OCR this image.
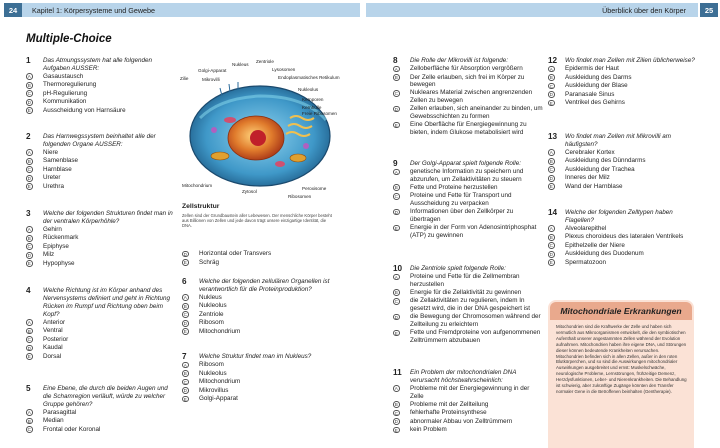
24	Kapitel 1: Körpersysteme und Gewebe	Überblick über den Körper	25
Multiple-Choice
1	Das Atmungssystem hat alle folgenden Aufgaben AUSSER:
A	Gasaustausch
B	Thermoregulierung
C	pH-Regulierung
D	Kommunikation
E	Ausscheidung von Harnsäure
2	Das Harnwegssystem beinhaltet alle der folgenden Organe AUSSER:
A	Niere
B	Samenblase
C	Harnblase
D	Ureter
E	Urethra
3	Welche der folgenden Strukturen findet man in der ventralen Körperhöhle?
A	Gehirn
B	Rückenmark
C	Epiphyse
D	Milz
E	Hypophyse
4	Welche Richtung ist im Körper anhand des Nervensystems definiert und geht in Richtung Rücken im Rumpf und Richtung oben beim Kopf?
A	Anterior
B	Ventral
C	Posterior
D	Kaudal
E	Dorsal
5	Eine Ebene, die durch die beiden Augen und die Schamregion verläuft, würde zu welcher Gruppe gehören?
A	Parasagittal
B	Median
C	Frontal oder Koronal
D	Horizontal oder Transvers
E	Schräg
6	Welche der folgenden zellulären Organellen ist verantwortlich für die Proteinproduktion?
A	Nukleus
B	Nukleolus
C	Zentriole
D	Ribosom
E	Mitochondrium
7	Welche Struktur findet man im Nukleus?
A	Ribosom
B	Nukleolus
C	Mitochondrium
D	Mikrovillus
E	Golgi-Apparat
8	Die Rolle der Mikrovilli ist folgende:
A	Zelloberfläche für Absorption vergrößern
B	Der Zelle erlauben, sich frei im Körper zu bewegen
C	Nukleares Material zwischen angrenzenden Zellen zu bewegen
D	Zellen erlauben, sich aneinander zu binden, um Gewebsschichten zu formen
E	Eine Oberfläche für Energiegewinnung zu bieten, indem Glukose metabolisiert wird
9	Der Golgi-Apparat spielt folgende Rolle:
A	genetische Information zu speichern und abzurufen, um Zellaktivitäten zu steuern
B	Fette und Proteine herzustellen
C	Proteine und Fette für Transport und Ausscheidung zu verpacken
D	Informationen über den Zellkörper zu übertragen
E	Energie in der Form von Adenosintriphosphat (ATP) zu gewinnen
10	Die Zentriole spielt folgende Rolle:
A	Proteine und Fette für die Zellmembran herzustellen
B	Energie für die Zellaktivität zu gewinnen
C	die Zellaktivitäten zu regulieren, indem In gesetzt wird, die in der DNA gespeichert ist
D	die Bewegung der Chromosomen während der Zellteilung zu erleichtern
E	Fette und Fremdproteine von aufgenommenen Zelltrümmern abzubauen
11	Ein Problem der mitochondrialen DNA verursacht höchstwahrscheinlich:
A	Probleme mit der Energiegewinnung in der Zelle
B	Probleme mit der Zellteilung
C	fehlerhafte Proteinsynthese
D	abnormaler Abbau von Zelltrümmern
E	kein Problem
12	Wo findet man Zellen mit Zilien üblicherweise?
A	Epidermis der Haut
B	Auskleidung des Darms
C	Auskleidung der Blase
D	Paranasale Sinus
E	Ventrikel des Gehirns
13	Wo findet man Zellen mit Mikrovilli am häufigsten?
A	Cerebraler Kortex
B	Auskleidung des Dünndarms
C	Auskleidung der Trachea
D	Inneres der Milz
E	Wand der Harnblase
14	Welche der folgenden Zelltypen haben Flagellen?
A	Alveolarepithel
B	Plexus choroideus des lateralen Ventrikels
C	Epithelzelle der Niere
D	Auskleidung des Duodenum
E	Spermatozoon
Zilie
Golgi-Apparat
Nukleus
Zentriole
Mikrovilli
Lysosomen
Endoplasmatisches Retikulum
Nukleolus
Kernporen
Kernhülle
Freie Ribosomen
Mitochondrium
Zytosol
Peroxisome
Ribosomen
Zellstruktur
Zellen sind der Grundbaustein aller Lebewesen. Der menschliche Körper besteht aus Billionen von Zellen und jede davon trägt unsere einzigartige Identität, die DNA.
Mitochondriale Erkrankungen
Mitochondrien sind die Kraftwerke der Zelle und haben sich vermutlich aus Mikroorganismen entwickelt, die den symbiotischen Aufenthalt unserer angestammten Zellen während der Evolution aufnahmen. Mitochondrien haben ihre eigene DNA, und Störungen dieser können bedeutende Krankheiten verursachen. Mitochondrien befinden sich in allen Zellen, außer in den roten Blutkörperchen, und so sind die Auswirkungen mitochondrialer Auswirkungen ausgebreitet und ernst: Muskelschwäche, neurologische Probleme, Lernstörungen, frühzeitige Demenz, Herzdysfunktionen, Leber- und Nierenkrankheiten. Die Behandlung ist schwierig, aber zukünftige Zugänge könnten den Transfer normaler Gene in die Betroffenen beinhalten (Gentherapie).
